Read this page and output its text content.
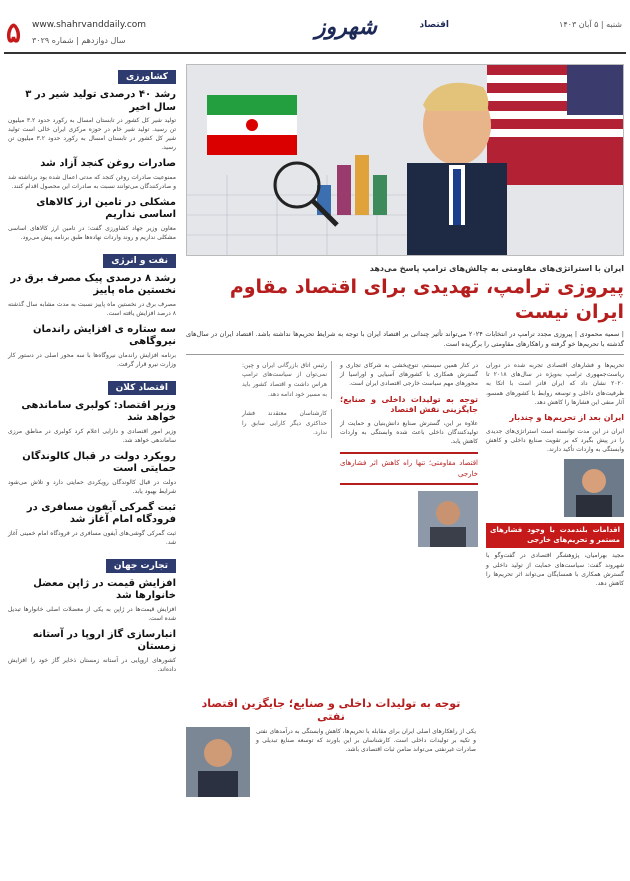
۵ www.shahrvanddaily.com	شهروز	اقتصاد	شنبه | ۵ آبان ۱۴۰۳
سال دوازدهم | شماره ۳۰۲۹
کشاورزی
رشد ۴۰ درصدی تولید شیر در ۳ سال اخیر

تولید شیر کل کشور در تابستان امسال به رکورد حدود ۳.۲ میلیون تن رسید. تولید شیر خام در حوزه مرکزی ایران خالی است تولید شیر کل کشور در تابستان امسال به رکورد حدود ۳.۲ میلیون تن رسید.

صادرات روغن کنجد آزاد شد

ممنوعیت صادرات روغن کنجد که مدتی اعمال شده بود برداشته شد و صادرکنندگان می‌توانند نسبت به صادرات این محصول اقدام کنند.

مشکلی در تامین ارز کالاهای اساسی نداریم

معاون وزیر جهاد کشاورزی گفت: در تامین ارز کالاهای اساسی مشکلی نداریم و روند واردات نهاده‌ها طبق برنامه پیش می‌رود.

نفت و انرژی
رشد ۸ درصدی پیک مصرف برق در نخستین ماه پاییز

مصرف برق در نخستین ماه پاییز نسبت به مدت مشابه سال گذشته ۸ درصد افزایش یافته است.

سه ستاره ی افزایش راندمان نیروگاهی

برنامه افزایش راندمان نیروگاه‌ها با سه محور اصلی در دستور کار وزارت نیرو قرار گرفت.

اقتصاد کلان
وزیر اقتصاد: کولبری ساماندهی خواهد شد

وزیر امور اقتصادی و دارایی اعلام کرد کولبری در مناطق مرزی ساماندهی خواهد شد.

رویکرد دولت در قبال کالوندگان حمایتی است

دولت در قبال کالوندگان رویکردی حمایتی دارد و تلاش می‌شود شرایط بهبود یابد.

ثبت گمرکی آیفون مسافری در فرودگاه امام آغاز شد

ثبت گمرکی گوشی‌های آیفون مسافری در فرودگاه امام خمینی آغاز شد.

تجارت جهان
افزایش قیمت در ژاپن معضل خانوارها شد

افزایش قیمت‌ها در ژاپن به یکی از معضلات اصلی خانوارها تبدیل شده است.

انبارسازی گاز اروپا در آستانه زمستان

کشورهای اروپایی در آستانه زمستان ذخایر گاز خود را افزایش داده‌اند.

ایران با استراتژی‌های مقاومتی به چالش‌های ترامپ پاسخ می‌دهد
پیروزی ترامپ، تهدیدی برای اقتصاد مقاوم ایران نیست
| سمیه محمودی | پیروزی مجدد ترامپ در انتخابات ۲۰۲۴ می‌تواند تأثیر چندانی بر اقتصاد ایران با توجه به شرایط تحریم‌ها نداشته باشد. اقتصاد ایران در سال‌های گذشته با تحریم‌ها خو گرفته و راهکارهای مقاومتی را برگزیده است.
تحریم‌ها و فشارهای اقتصادی تجربه شده در دوران ریاست‌جمهوری ترامپ به‌ویژه در سال‌های ۲۰۱۸ تا ۲۰۲۰ نشان داد که ایران قادر است با اتکا به ظرفیت‌های داخلی و توسعه روابط با کشورهای همسو، آثار منفی این فشارها را کاهش دهد.
ایران بعد از تحریم‌ها و چندبار
ایران در این مدت توانسته است استراتژی‌های جدیدی را در پیش بگیرد که بر تقویت صنایع داخلی و کاهش وابستگی به واردات تأکید دارند.
اقدامات بلندمدت با وجود فشارهای مستمر و تحریم‌های خارجی
مجید بهرامیان، پژوهشگر اقتصادی در گفت‌وگو با شهروند گفت: سیاست‌های حمایت از تولید داخلی و گسترش همکاری با همسایگان می‌تواند اثر تحریم‌ها را کاهش دهد.
در کنار همین سیستم، تنوع‌بخشی به شرکای تجاری و گسترش همکاری با کشورهای آسیایی و اوراسیا از محورهای مهم سیاست خارجی اقتصادی ایران است.
توجه به تولیدات داخلی و صنایع؛ جایگزینی نقش اقتصاد
علاوه بر این، گسترش صنایع دانش‌بنیان و حمایت از تولیدکنندگان داخلی باعث شده وابستگی به واردات کاهش یابد.
اقتصاد مقاومتی؛ تنها راه کاهش اثر فشارهای خارجی
رئیس اتاق بازرگانی ایران و چین: نمی‌توان از سیاست‌های ترامپ هراس داشت و اقتصاد کشور باید به مسیر خود ادامه دهد.
کارشناسان معتقدند فشار حداکثری دیگر کارایی سابق را ندارد.
توجه به تولیدات داخلی و صنایع؛ جایگزین اقتصاد نفتی
یکی از راهکارهای اصلی ایران برای مقابله با تحریم‌ها، کاهش وابستگی به درآمدهای نفتی و تکیه بر تولیدات داخلی است. کارشناسان بر این باورند که توسعه صنایع تبدیلی و صادرات غیرنفتی می‌تواند ضامن ثبات اقتصادی باشد.
